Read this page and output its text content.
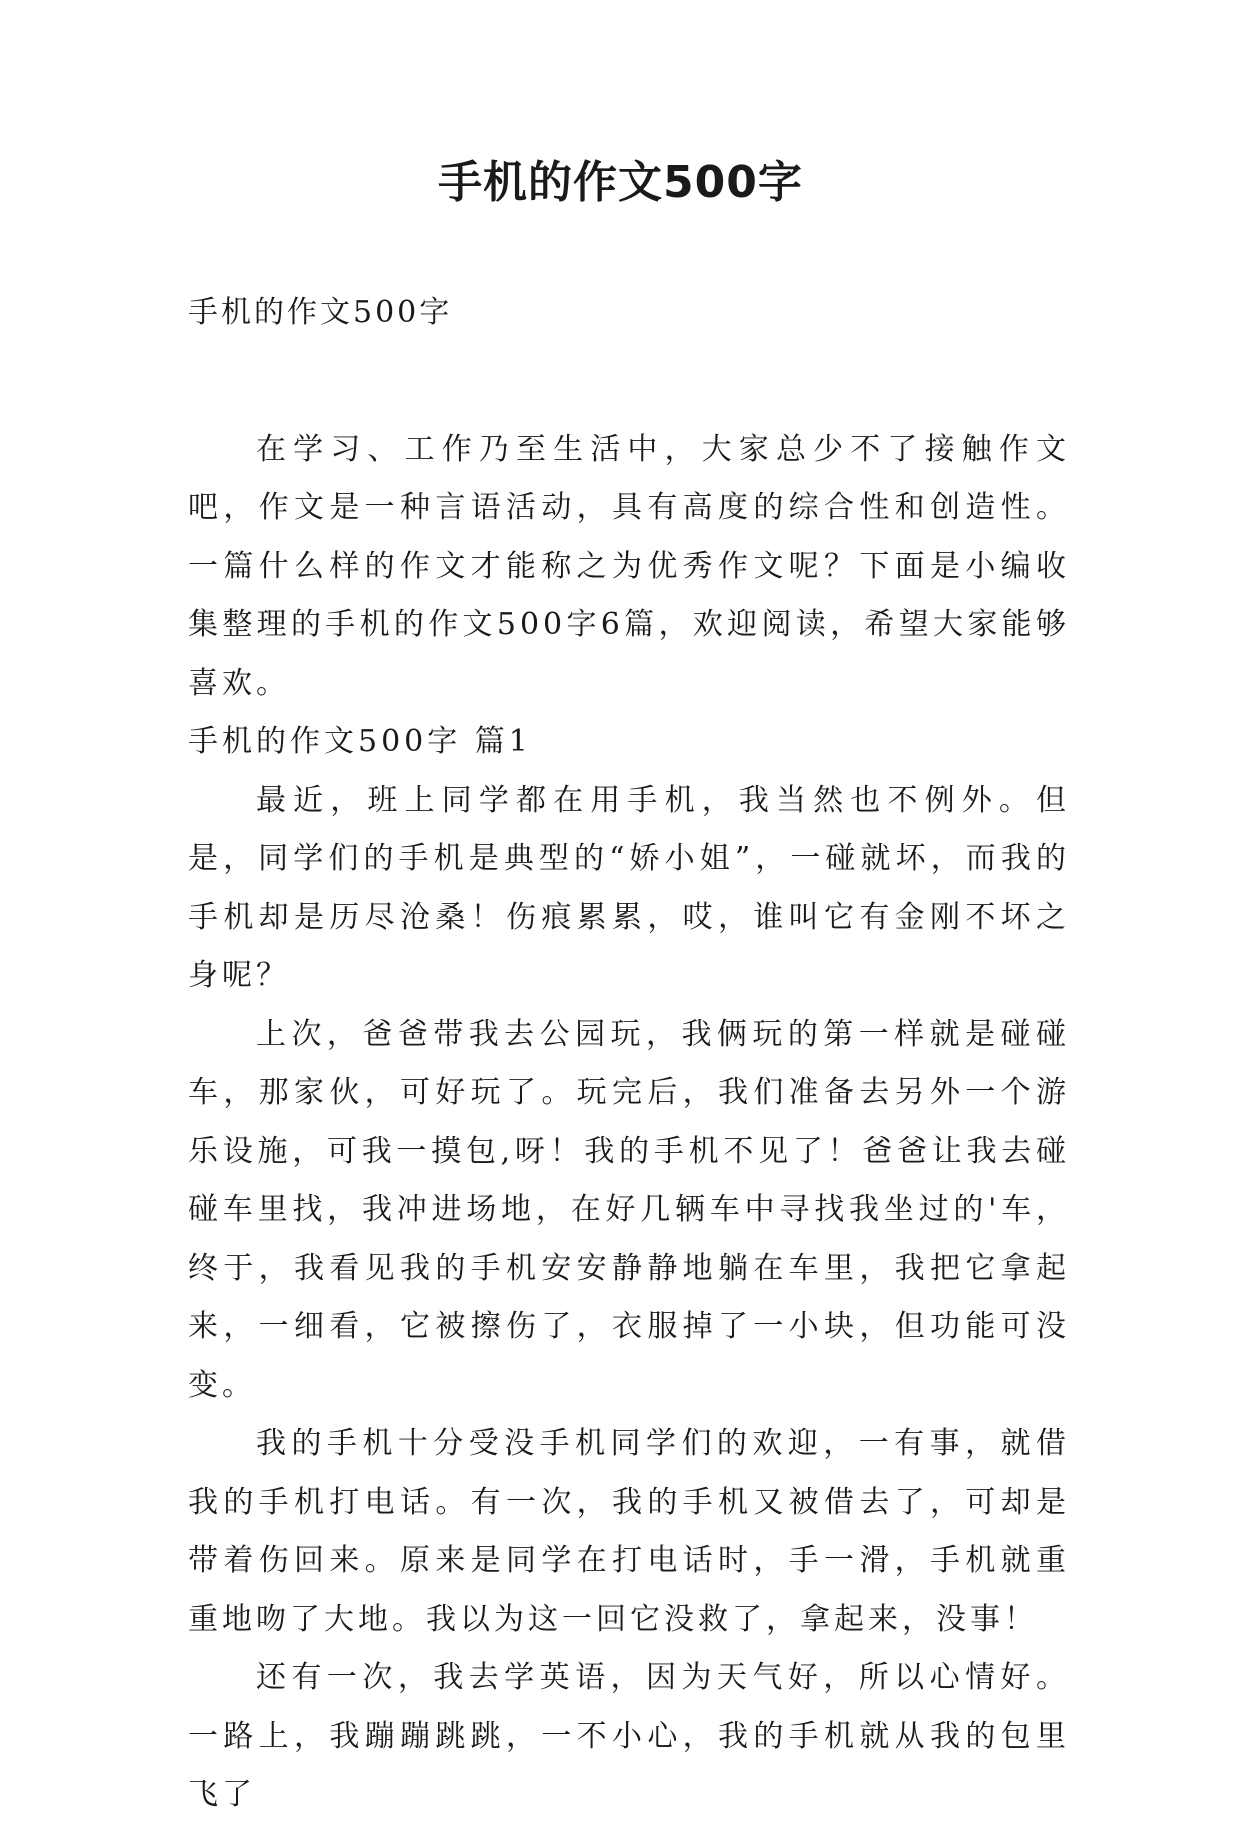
手机的作文500字

手机的作文500字

在学习、工作乃至生活中，大家总少不了接触作文吧，作文是一种言语活动，具有高度的综合性和创造性。一篇什么样的作文才能称之为优秀作文呢？下面是小编收集整理的手机的作文500字6篇，欢迎阅读，希望大家能够喜欢。

手机的作文500字 篇1

最近，班上同学都在用手机，我当然也不例外。但是，同学们的手机是典型的“娇小姐”，一碰就坏，而我的手机却是历尽沧桑！伤痕累累，哎，谁叫它有金刚不坏之身呢？

上次，爸爸带我去公园玩，我俩玩的第一样就是碰碰车，那家伙，可好玩了。玩完后，我们准备去另外一个游乐设施，可我一摸包,呀！我的手机不见了！爸爸让我去碰碰车里找，我冲进场地，在好几辆车中寻找我坐过的'车，终于，我看见我的手机安安静静地躺在车里，我把它拿起来，一细看，它被擦伤了，衣服掉了一小块，但功能可没变。

我的手机十分受没手机同学们的欢迎，一有事，就借我的手机打电话。有一次，我的手机又被借去了，可却是带着伤回来。原来是同学在打电话时，手一滑，手机就重重地吻了大地。我以为这一回它没救了，拿起来，没事！

还有一次，我去学英语，因为天气好，所以心情好。一路上，我蹦蹦跳跳，一不小心，我的手机就从我的包里飞了
